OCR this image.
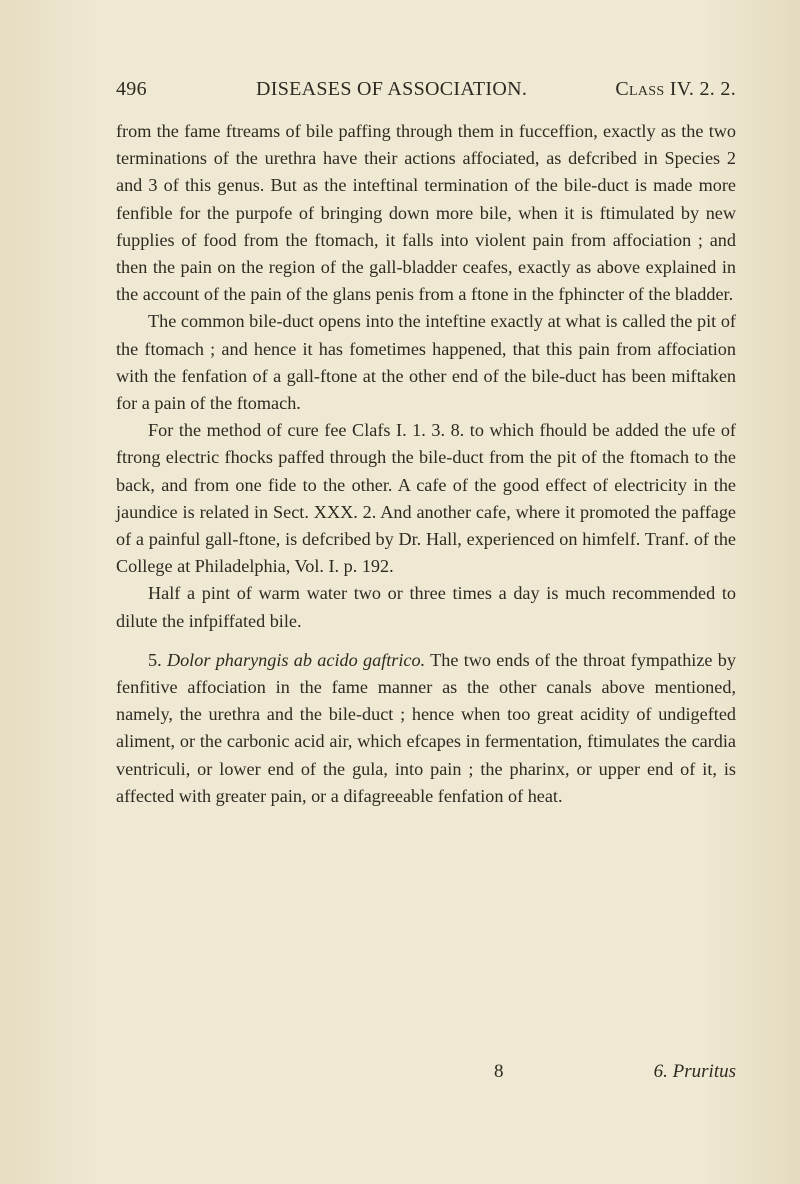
496	DISEASES OF ASSOCIATION.	Class IV. 2. 2.

from the fame ftreams of bile paffing through them in fucceffion, exactly as the two terminations of the urethra have their actions affociated, as defcribed in Species 2 and 3 of this genus. But as the inteftinal termination of the bile-duct is made more fenfible for the purpofe of bringing down more bile, when it is ftimulated by new fupplies of food from the ftomach, it falls into violent pain from affociation ; and then the pain on the region of the gall-bladder ceafes, exactly as above explained in the account of the pain of the glans penis from a ftone in the fphincter of the bladder.

The common bile-duct opens into the inteftine exactly at what is called the pit of the ftomach ; and hence it has fometimes happened, that this pain from affociation with the fenfation of a gall-ftone at the other end of the bile-duct has been miftaken for a pain of the ftomach.

For the method of cure fee Clafs I. 1. 3. 8. to which fhould be added the ufe of ftrong electric fhocks paffed through the bile-duct from the pit of the ftomach to the back, and from one fide to the other. A cafe of the good effect of electricity in the jaundice is related in Sect. XXX. 2. And another cafe, where it promoted the paffage of a painful gall-ftone, is defcribed by Dr. Hall, experienced on himfelf. Tranf. of the College at Philadelphia, Vol. I. p. 192.

Half a pint of warm water two or three times a day is much recommended to dilute the infpiffated bile.

5. Dolor pharyngis ab acido gaftrico. The two ends of the throat fympathize by fenfitive affociation in the fame manner as the other canals above mentioned, namely, the urethra and the bile-duct ; hence when too great acidity of undigefted aliment, or the carbonic acid air, which efcapes in fermentation, ftimulates the cardia ventriculi, or lower end of the gula, into pain ; the pharinx, or upper end of it, is affected with greater pain, or a difagreeable fenfation of heat.

8	6. Pruritus
